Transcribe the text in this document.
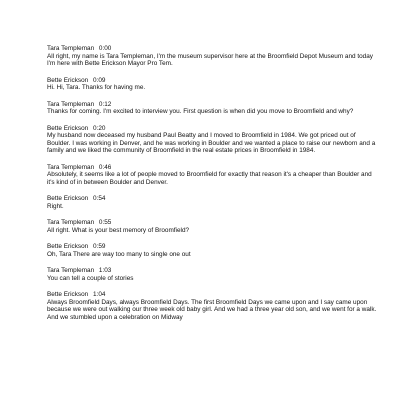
Tara Templeman 0:00
All right, my name is Tara Templeman, I'm the museum supervisor here at the Broomfield Depot Museum and today I'm here with Bette Erickson Mayor Pro Tem.
Bette Erickson 0:09
Hi. Hi, Tara. Thanks for having me.
Tara Templeman 0:12
Thanks for coming. I'm excited to interview you. First question is when did you move to Broomfield and why?
Bette Erickson 0:20
My husband now deceased my husband Paul Beatty and I moved to Broomfield in 1984. We got priced out of Boulder. I was working in Denver, and he was working in Boulder and we wanted a place to raise our newborn and a family and we liked the community of Broomfield in the real estate prices in Broomfield in 1984.
Tara Templeman 0:46
Absolutely, it seems like a lot of people moved to Broomfield for exactly that reason it's a cheaper than Boulder and it's kind of in between Boulder and Denver.
Bette Erickson 0:54
Right.
Tara Templeman 0:55
All right. What is your best memory of Broomfield?
Bette Erickson 0:59
Oh, Tara There are way too many to single one out
Tara Templeman 1:03
You can tell a couple of stories
Bette Erickson 1:04
Always Broomfield Days, always Broomfield Days. The first Broomfield Days we came upon and I say came upon because we were out walking our three week old baby girl. And we had a three year old son, and we went for a walk. And we stumbled upon a celebration on Midway
